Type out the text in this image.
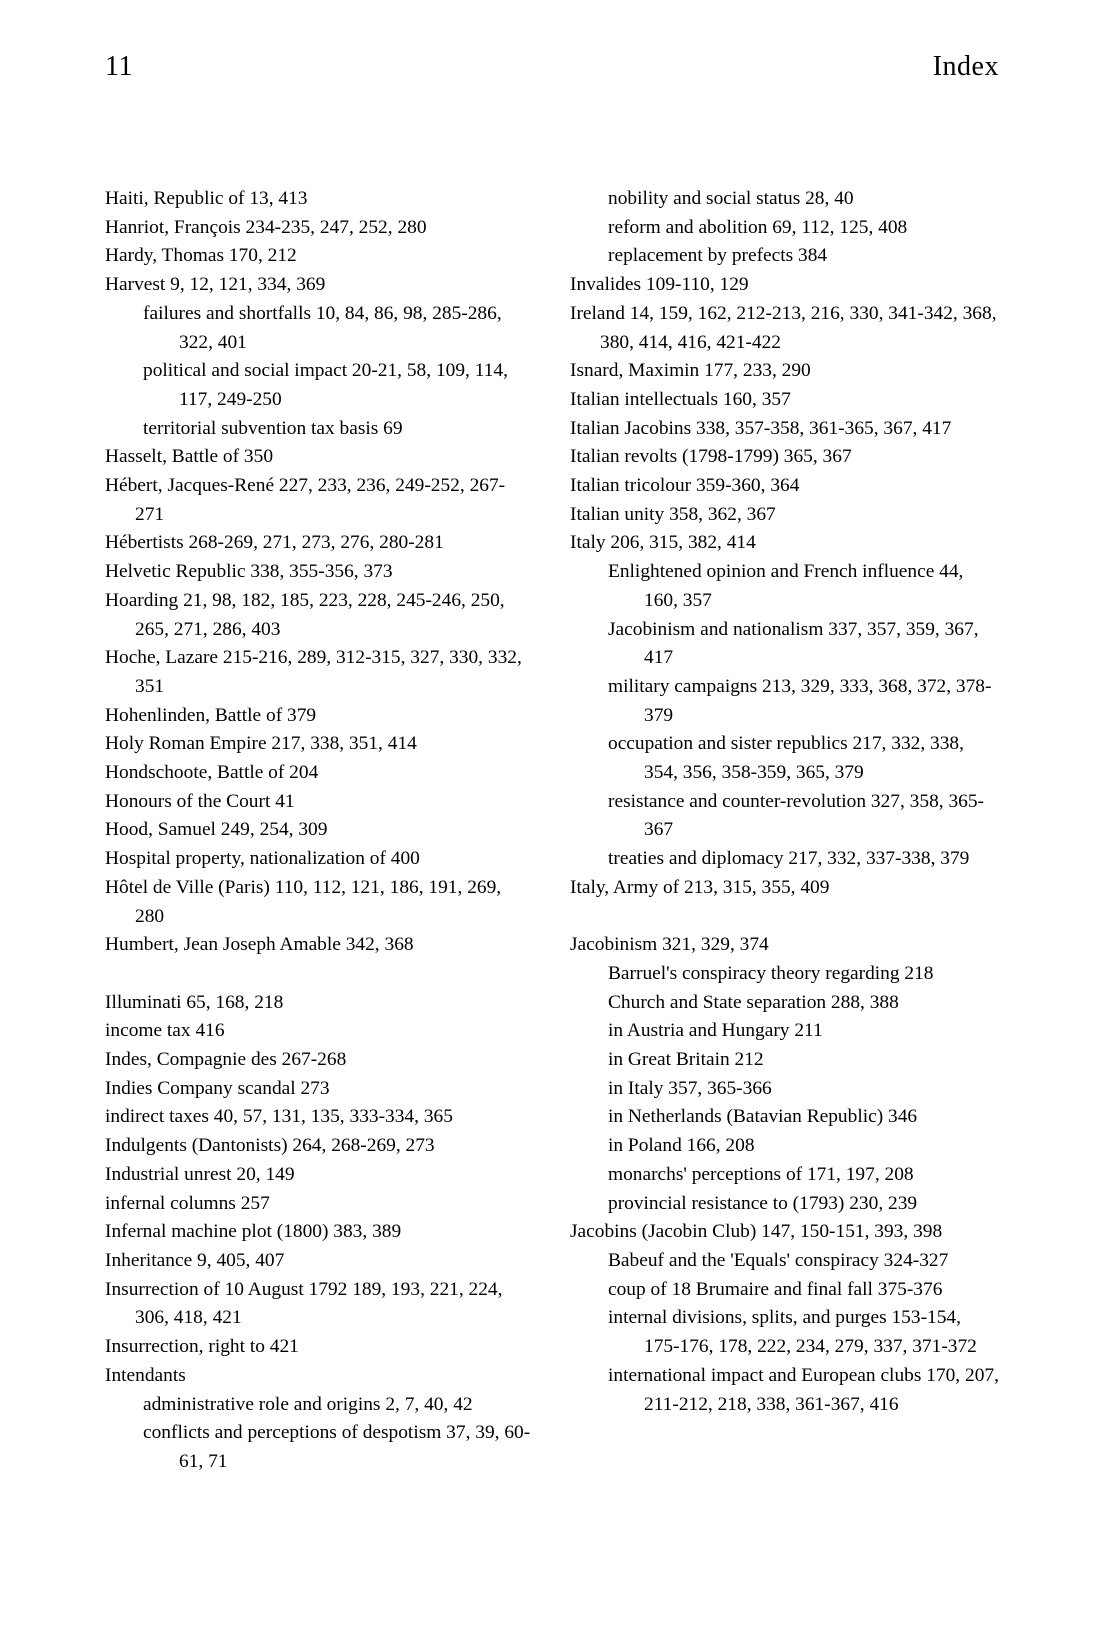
11	Index

Haiti, Republic of 13, 413

Hanriot, François 234-235, 247, 252, 280

Hardy, Thomas 170, 212

Harvest 9, 12, 121, 334, 369

failures and shortfalls 10, 84, 86, 98, 285-286, 322, 401

political and social impact 20-21, 58, 109, 114, 117, 249-250

territorial subvention tax basis 69

Hasselt, Battle of 350

Hébert, Jacques-René 227, 233, 236, 249-252, 267-271

Hébertists 268-269, 271, 273, 276, 280-281

Helvetic Republic 338, 355-356, 373

Hoarding 21, 98, 182, 185, 223, 228, 245-246, 250, 265, 271, 286, 403

Hoche, Lazare 215-216, 289, 312-315, 327, 330, 332, 351

Hohenlinden, Battle of 379

Holy Roman Empire 217, 338, 351, 414

Hondschoote, Battle of 204

Honours of the Court 41

Hood, Samuel 249, 254, 309

Hospital property, nationalization of 400

Hôtel de Ville (Paris) 110, 112, 121, 186, 191, 269, 280

Humbert, Jean Joseph Amable 342, 368

Illuminati 65, 168, 218

income tax 416

Indes, Compagnie des 267-268

Indies Company scandal 273

indirect taxes 40, 57, 131, 135, 333-334, 365

Indulgents (Dantonists) 264, 268-269, 273

Industrial unrest 20, 149

infernal columns 257

Infernal machine plot (1800) 383, 389

Inheritance 9, 405, 407

Insurrection of 10 August 1792 189, 193, 221, 224, 306, 418, 421

Insurrection, right to 421

Intendants

administrative role and origins 2, 7, 40, 42

conflicts and perceptions of despotism 37, 39, 60-61, 71

nobility and social status 28, 40

reform and abolition 69, 112, 125, 408

replacement by prefects 384

Invalides 109-110, 129

Ireland 14, 159, 162, 212-213, 216, 330, 341-342, 368, 380, 414, 416, 421-422

Isnard, Maximin 177, 233, 290

Italian intellectuals 160, 357

Italian Jacobins 338, 357-358, 361-365, 367, 417

Italian revolts (1798-1799) 365, 367

Italian tricolour 359-360, 364

Italian unity 358, 362, 367

Italy 206, 315, 382, 414

Enlightened opinion and French influence 44, 160, 357

Jacobinism and nationalism 337, 357, 359, 367, 417

military campaigns 213, 329, 333, 368, 372, 378-379

occupation and sister republics 217, 332, 338, 354, 356, 358-359, 365, 379

resistance and counter-revolution 327, 358, 365-367

treaties and diplomacy 217, 332, 337-338, 379

Italy, Army of 213, 315, 355, 409

Jacobinism 321, 329, 374

Barruel's conspiracy theory regarding 218

Church and State separation 288, 388

in Austria and Hungary 211

in Great Britain 212

in Italy 357, 365-366

in Netherlands (Batavian Republic) 346

in Poland 166, 208

monarchs' perceptions of 171, 197, 208

provincial resistance to (1793) 230, 239

Jacobins (Jacobin Club) 147, 150-151, 393, 398

Babeuf and the 'Equals' conspiracy 324-327

coup of 18 Brumaire and final fall 375-376

internal divisions, splits, and purges 153-154, 175-176, 178, 222, 234, 279, 337, 371-372

international impact and European clubs 170, 207, 211-212, 218, 338, 361-367, 416
